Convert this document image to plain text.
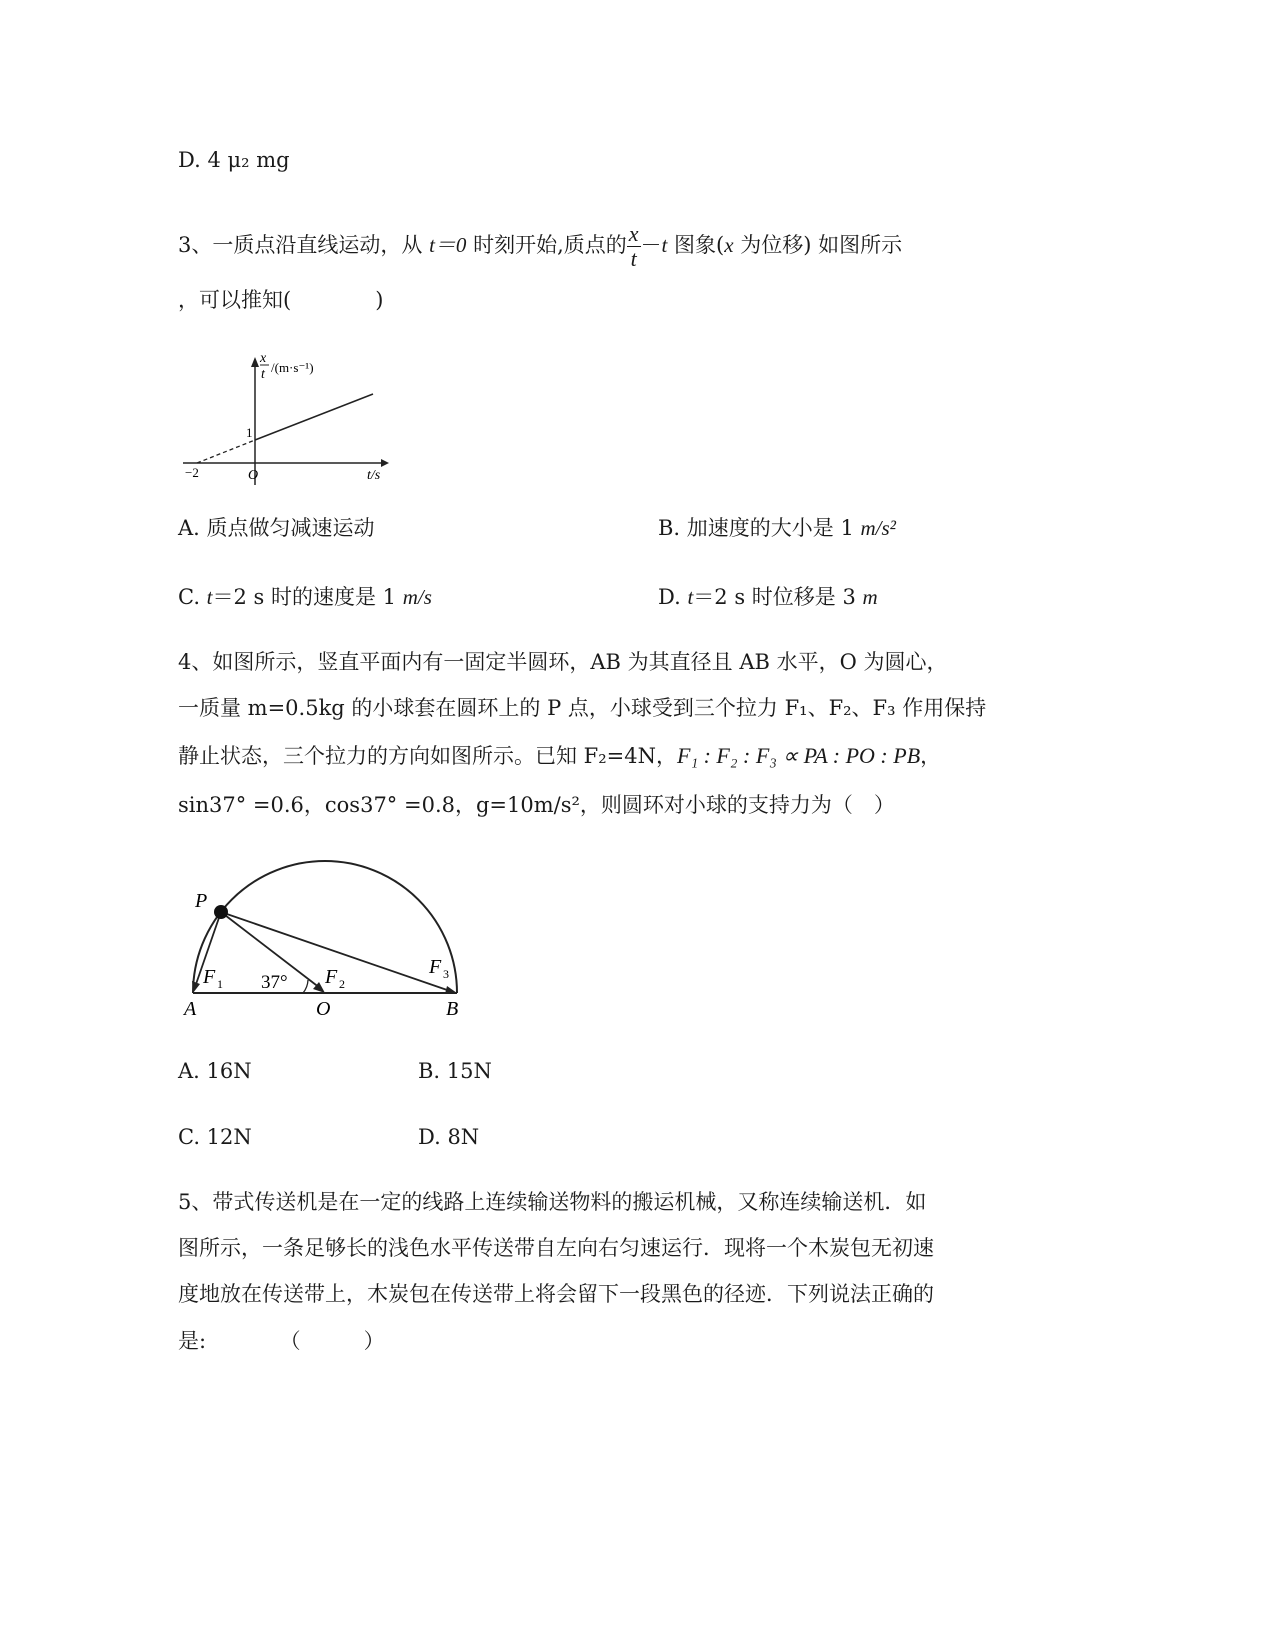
D. 4 μ₂ mg
3、一质点沿直线运动，从 t＝0 时刻开始,质点的 $\frac{x}{t} -t$ 图象(x 为位移) 如图所示
，可以推知(　　　　)
x
t /(m·s⁻¹)
1
−2	O	t/s
A. 质点做匀减速运动	B. 加速度的大小是 1 m/s²
C. t＝2 s 时的速度是 1 m/s	D. t＝2 s 时位移是 3 m
4、如图所示，竖直平面内有一固定半圆环，AB 为其直径且 AB 水平，O 为圆心，
一质量 m=0.5kg 的小球套在圆环上的 P 点，小球受到三个拉力 F₁、F₂、F₃ 作用保持
静止状态，三个拉力的方向如图所示。已知 F₂=4N，F₁ : F₂ : F₃ ∝ PA : PO : PB，
sin37° =0.6，cos37° =0.8，g=10m/s²，则圆环对小球的支持力为（　）
P
A	O	B
37°
F 1	F 2
F 3
A. 16N	B. 15N
C. 12N	D. 8N
5、带式传送机是在一定的线路上连续输送物料的搬运机械，又称连续输送机．如
图所示，一条足够长的浅色水平传送带自左向右匀速运行．现将一个木炭包无初速
度地放在传送带上，木炭包在传送带上将会留下一段黑色的径迹．下列说法正确的
是:　　　　（　　　）
